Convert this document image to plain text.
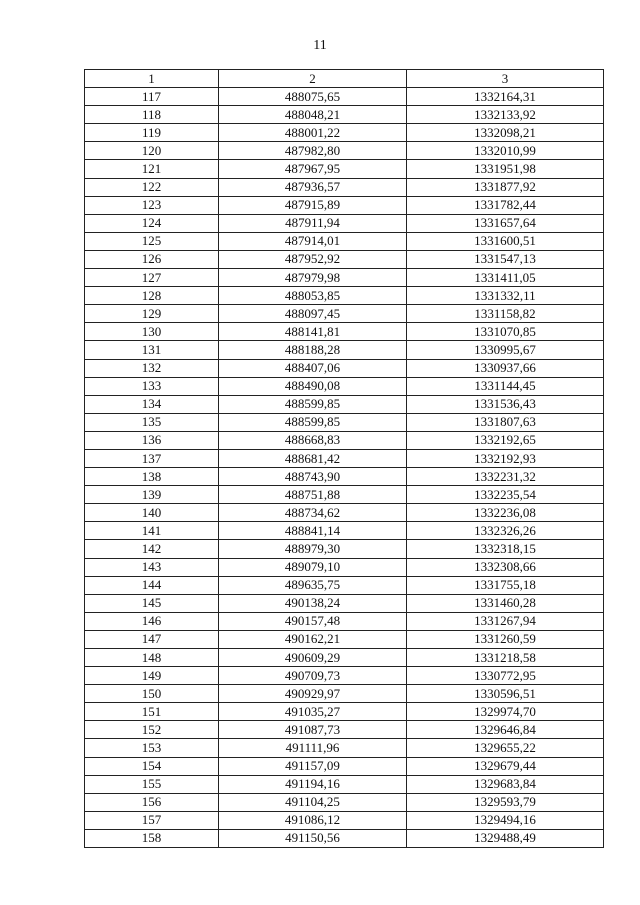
11
1	2	3
117	488075,65	1332164,31
118	488048,21	1332133,92
119	488001,22	1332098,21
120	487982,80	1332010,99
121	487967,95	1331951,98
122	487936,57	1331877,92
123	487915,89	1331782,44
124	487911,94	1331657,64
125	487914,01	1331600,51
126	487952,92	1331547,13
127	487979,98	1331411,05
128	488053,85	1331332,11
129	488097,45	1331158,82
130	488141,81	1331070,85
131	488188,28	1330995,67
132	488407,06	1330937,66
133	488490,08	1331144,45
134	488599,85	1331536,43
135	488599,85	1331807,63
136	488668,83	1332192,65
137	488681,42	1332192,93
138	488743,90	1332231,32
139	488751,88	1332235,54
140	488734,62	1332236,08
141	488841,14	1332326,26
142	488979,30	1332318,15
143	489079,10	1332308,66
144	489635,75	1331755,18
145	490138,24	1331460,28
146	490157,48	1331267,94
147	490162,21	1331260,59
148	490609,29	1331218,58
149	490709,73	1330772,95
150	490929,97	1330596,51
151	491035,27	1329974,70
152	491087,73	1329646,84
153	491111,96	1329655,22
154	491157,09	1329679,44
155	491194,16	1329683,84
156	491104,25	1329593,79
157	491086,12	1329494,16
158	491150,56	1329488,49
